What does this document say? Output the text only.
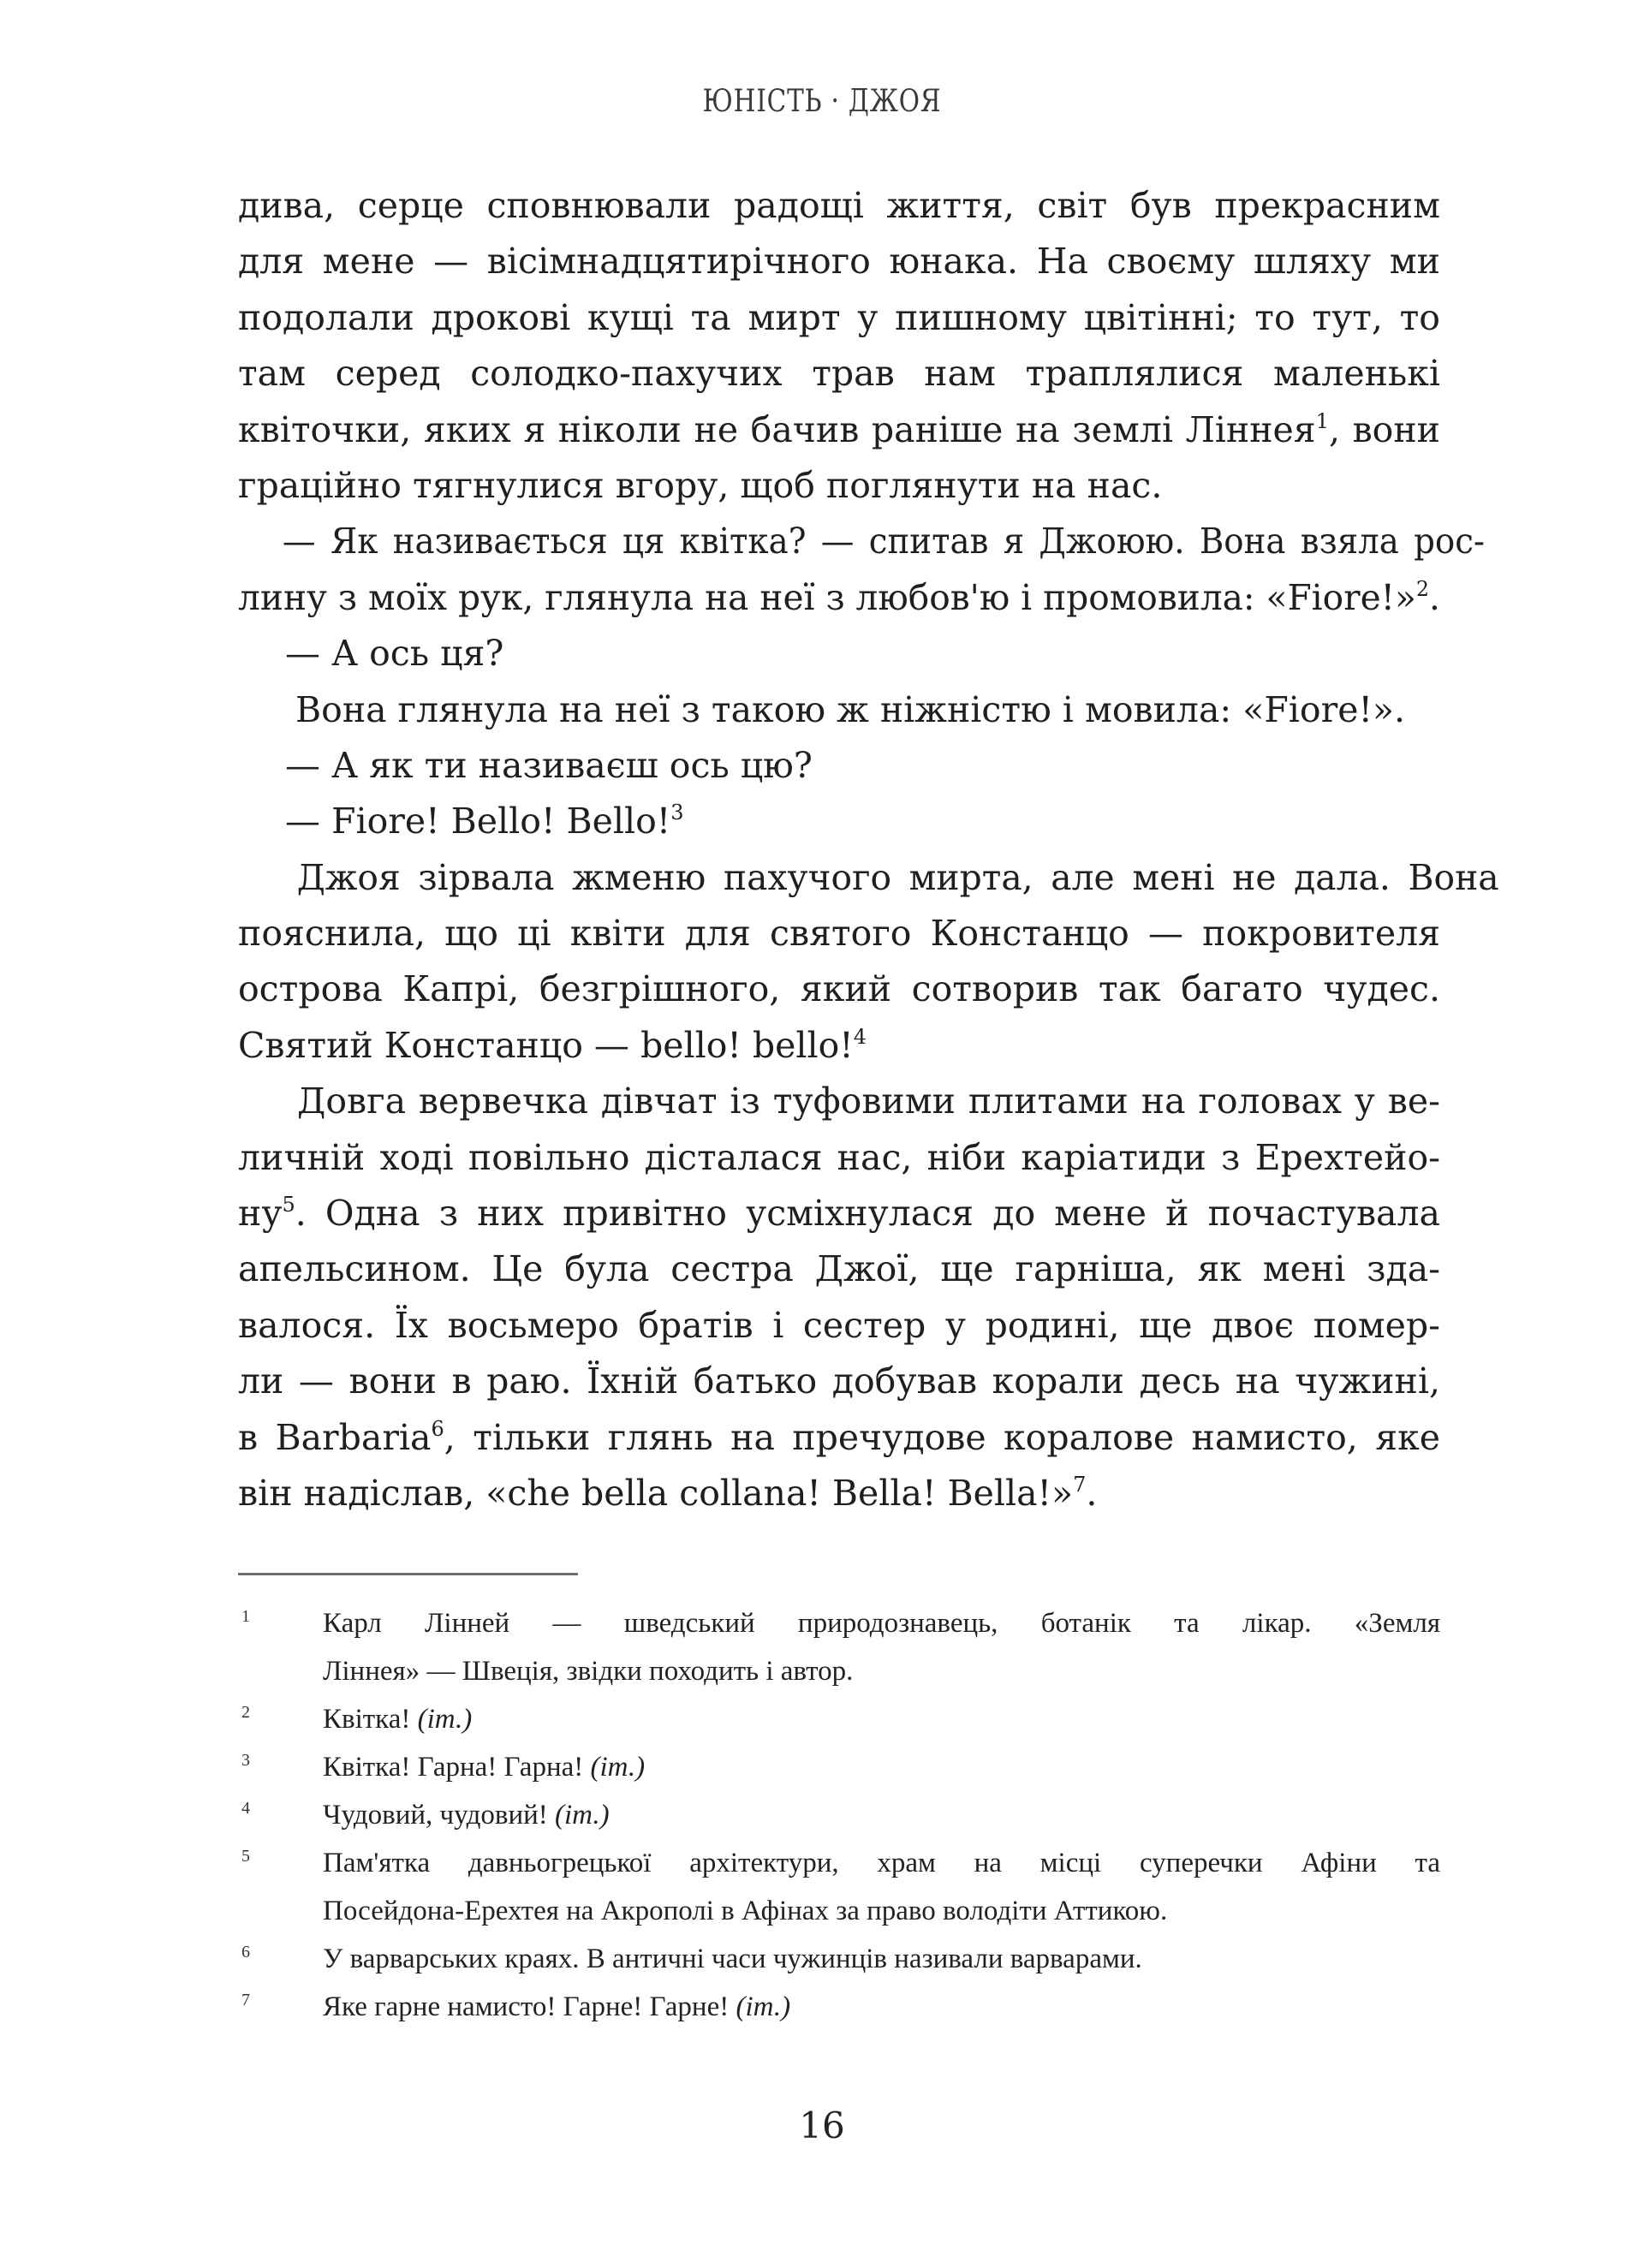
ЮНІСТЬ · ДЖОЯ
дива, серце сповнювали радощі життя, світ був прекрасним
для мене — вісімнадцятирічного юнака. На своєму шляху ми
подолали дрокові кущі та мирт у пишному цвітінні; то тут, то
там серед солодко-пахучих трав нам траплялися маленькі
квіточки, яких я ніколи не бачив раніше на землі Ліннея$^1$, вони
граційно тягнулися вгору, щоб поглянути на нас.
— Як називається ця квітка? — спитав я Джоюю. Вона взяла рос-
лину з моїх рук, глянула на неї з любов'ю і промовила: «Fiore!»$^2$.
— А ось ця?
Вона глянула на неї з такою ж ніжністю і мовила: «Fiore!».
— А як ти називаєш ось цю?
— Fiore! Bello! Bello!$^3$
Джоя зірвала жменю пахучого мирта, але мені не дала. Вона
пояснила, що ці квіти для святого Констанцо — покровителя
острова Капрі, безгрішного, який сотворив так багато чудес.
Святий Констанцо — bello! bello!$^4$
Довга вервечка дівчат із туфовими плитами на головах у ве-
личній ході повільно дісталася нас, ніби каріатиди з Ерехтейо-
ну$^5$. Одна з них привітно усміхнулася до мене й почастувала
апельсином. Це була сестра Джої, ще гарніша, як мені зда-
валося. Їх восьмеро братів і сестер у родині, ще двоє помер-
ли — вони в раю. Їхній батько добував корали десь на чужині,
в Barbaria$^6$, тільки глянь на пречудове коралове намисто, яке
він надіслав, «che bella collana! Bella! Bella!»$^7$.
1	Карл Лінней — шведський природознавець, ботанік та лікар. «Земля
Ліннея» — Швеція, звідки походить і автор.
2	Квітка! (іт.)
3	Квітка! Гарна! Гарна! (іт.)
4	Чудовий, чудовий! (іт.)
5	Пам'ятка давньогрецької архітектури, храм на місці суперечки Афіни та
Посейдона-Ерехтея на Акрополі в Афінах за право володіти Аттикою.
6	У варварських краях. В античні часи чужинців називали варварами.
7	Яке гарне намисто! Гарне! Гарне! (іт.)
16
